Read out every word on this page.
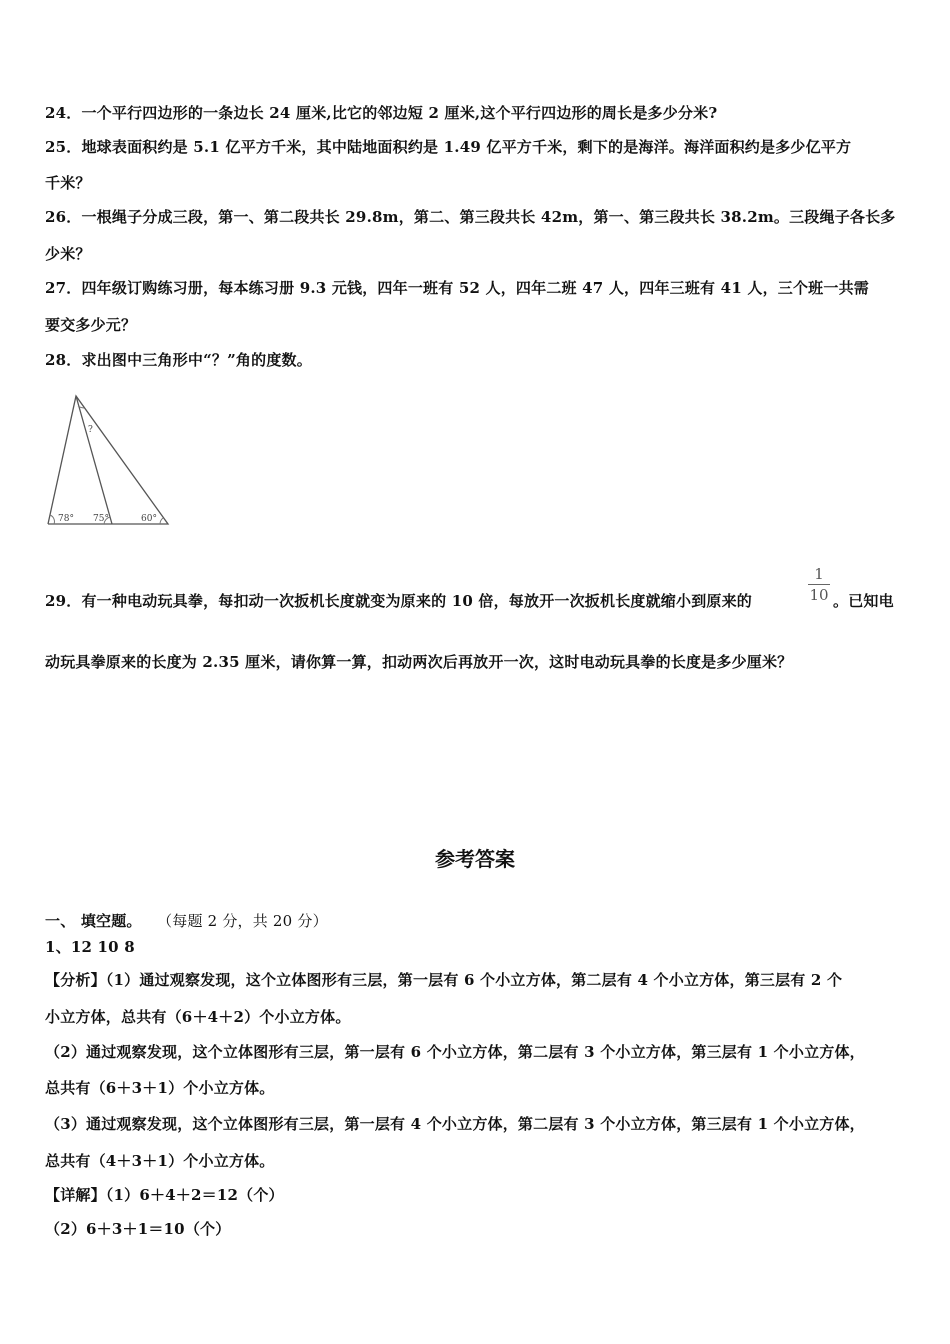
24．一个平行四边形的一条边长 24 厘米,比它的邻边短 2 厘米,这个平行四边形的周长是多少分米?
25．地球表面积约是 5.1 亿平方千米，其中陆地面积约是 1.49 亿平方千米，剩下的是海洋。海洋面积约是多少亿平方
千米？
26．一根绳子分成三段，第一、第二段共长 29.8m，第二、第三段共长 42m，第一、第三段共长 38.2m。三段绳子各长多
少米？
27．四年级订购练习册，每本练习册 9.3 元钱，四年一班有 52 人，四年二班 47 人，四年三班有 41 人，三个班一共需
要交多少元？
28．求出图中三角形中“？”角的度数。
78° 75°	60°
?
29．有一种电动玩具拳，每扣动一次扳机长度就变为原来的 10 倍，每放开一次扳机长度就缩小到原来的
1
10 。已知电
动玩具拳原来的长度为 2.35 厘米，请你算一算，扣动两次后再放开一次，这时电动玩具拳的长度是多少厘米？
参考答案
一、 填空题。 （每题 2 分，共 20 分）
1、12 10 8
【分析】（1）通过观察发现，这个立体图形有三层，第一层有 6 个小立方体，第二层有 4 个小立方体，第三层有 2 个
小立方体，总共有（6＋4＋2）个小立方体。
（2）通过观察发现，这个立体图形有三层，第一层有 6 个小立方体，第二层有 3 个小立方体，第三层有 1 个小立方体，
总共有（6＋3＋1）个小立方体。
（3）通过观察发现，这个立体图形有三层，第一层有 4 个小立方体，第二层有 3 个小立方体，第三层有 1 个小立方体，
总共有（4＋3＋1）个小立方体。
【详解】（1）6＋4＋2＝12（个）
（2）6＋3＋1＝10（个）
